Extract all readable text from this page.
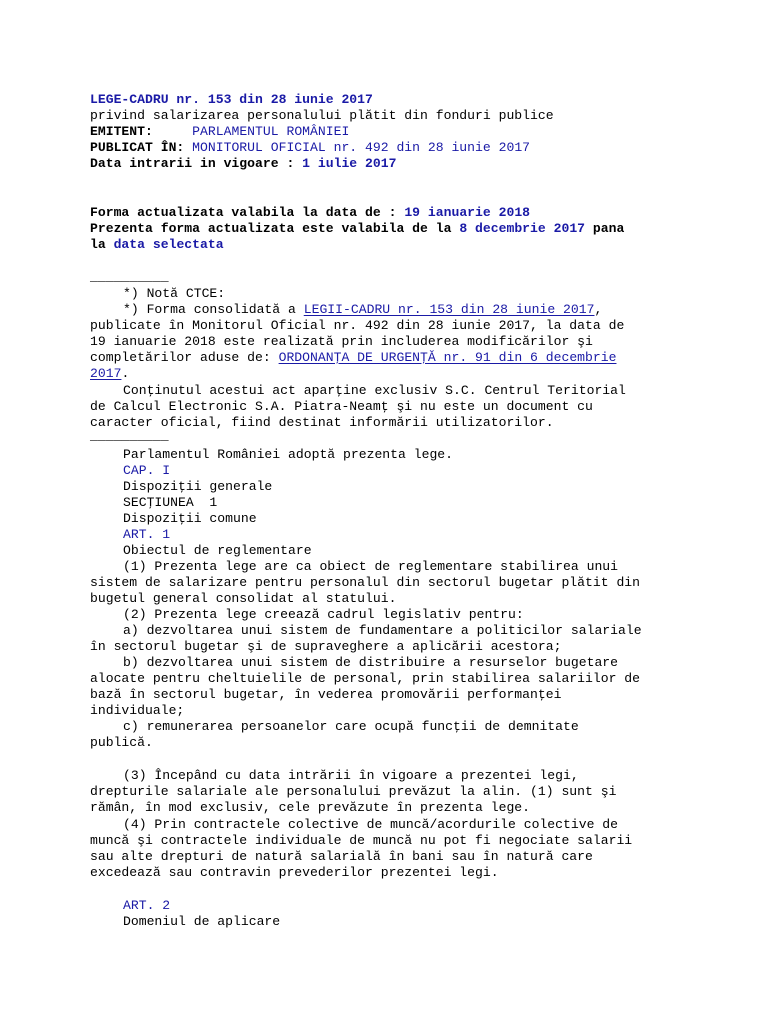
LEGE-CADRU nr. 153 din 28 iunie 2017
privind salarizarea personalului plătit din fonduri publice
EMITENT:	PARLAMENTUL ROMÂNIEI
PUBLICAT ÎN: MONITORUL OFICIAL nr. 492 din 28 iunie 2017
Data intrarii in vigoare : 1 iulie 2017
Forma actualizata valabila la data de : 19 ianuarie 2018
Prezenta forma actualizata este valabila de la 8 decembrie 2017 pana
la data selectata
__________
*) Notă CTCE:
*) Forma consolidată a LEGII-CADRU nr. 153 din 28 iunie 2017,
publicate în Monitorul Oficial nr. 492 din 28 iunie 2017, la data de
19 ianuarie 2018 este realizată prin includerea modificărilor şi
completărilor aduse de: ORDONANŢA DE URGENŢĂ nr. 91 din 6 decembrie
2017.
Conţinutul acestui act aparţine exclusiv S.C. Centrul Teritorial
de Calcul Electronic S.A. Piatra-Neamţ şi nu este un document cu
caracter oficial, fiind destinat informării utilizatorilor.
__________
Parlamentul României adoptă prezenta lege.
CAP. I
Dispoziţii generale
SECŢIUNEA  1
Dispoziţii comune
ART. 1
Obiectul de reglementare
(1) Prezenta lege are ca obiect de reglementare stabilirea unui
sistem de salarizare pentru personalul din sectorul bugetar plătit din
bugetul general consolidat al statului.
(2) Prezenta lege creează cadrul legislativ pentru:
a) dezvoltarea unui sistem de fundamentare a politicilor salariale
în sectorul bugetar şi de supraveghere a aplicării acestora;
b) dezvoltarea unui sistem de distribuire a resurselor bugetare
alocate pentru cheltuielile de personal, prin stabilirea salariilor de
bază în sectorul bugetar, în vederea promovării performanţei
individuale;
c) remunerarea persoanelor care ocupă funcţii de demnitate
publică.
(3) Începând cu data intrării în vigoare a prezentei legi,
drepturile salariale ale personalului prevăzut la alin. (1) sunt şi
rămân, în mod exclusiv, cele prevăzute în prezenta lege.
(4) Prin contractele colective de muncă/acordurile colective de
muncă şi contractele individuale de muncă nu pot fi negociate salarii
sau alte drepturi de natură salarială în bani sau în natură care
excedează sau contravin prevederilor prezentei legi.
ART. 2
Domeniul de aplicare
